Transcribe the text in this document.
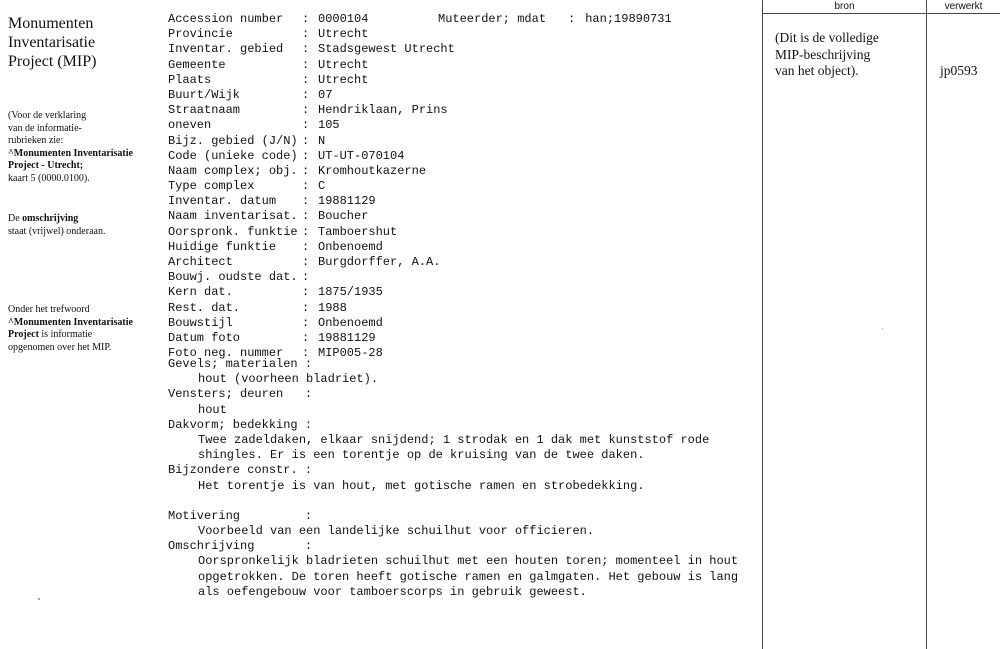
Monumenten
Inventarisatie
Project (MIP)
(Voor de verklaring
van de informatie-
rubrieken zie:
^Monumenten Inventarisatie
Project - Utrecht;
kaart 5 (0000.0100).
De omschrijving
staat (vrijwel) onderaan.
Onder het trefwoord
^Monumenten Inventarisatie
Project is informatie
opgenomen over het MIP.
Muteerder; mdat : han;19890731
Accession number : 0000104
Provincie	: Utrecht
Inventar. gebied : Stadsgewest Utrecht
Gemeente	: Utrecht
Plaats	: Utrecht
Buurt/Wijk	: 07
Straatnaam	: Hendriklaan, Prins
oneven	: 105
Bijz. gebied (J/N) : N
Code (unieke code) : UT-UT-070104
Naam complex; obj. : Kromhoutkazerne
Type complex	: C
Inventar. datum : 19881129
Naam inventarisat. : Boucher
Oorspronk. funktie : Tamboershut
Huidige funktie : Onbenoemd
Architect	: Burgdorffer, A.A.
Bouwj. oudste dat. :
Kern dat.	: 1875/1935
Rest. dat.	: 1988
Bouwstijl	: Onbenoemd
Datum foto	: 19881129
Foto neg. nummer : MIP005-28
Gevels; materialen :
hout (voorheen bladriet).
Vensters; deuren   :
hout
Dakvorm; bedekking :
Twee zadeldaken, elkaar snijdend; 1 strodak en 1 dak met kunststof rode
shingles. Er is een torentje op de kruising van de twee daken.
Bijzondere constr. :
Het torentje is van hout, met gotische ramen en strobedekking.
Motivering         :
Voorbeeld van een landelijke schuilhut voor officieren.
Omschrijving       :
Oorspronkelijk bladrieten schuilhut met een houten toren; momenteel in hout
opgetrokken. De toren heeft gotische ramen en galmgaten. Het gebouw is lang
als oefengebouw voor tamboerscorps in gebruik geweest.
bron	verwerkt
(Dit is de volledige
MIP-beschrijving
van het object).	jp0593
